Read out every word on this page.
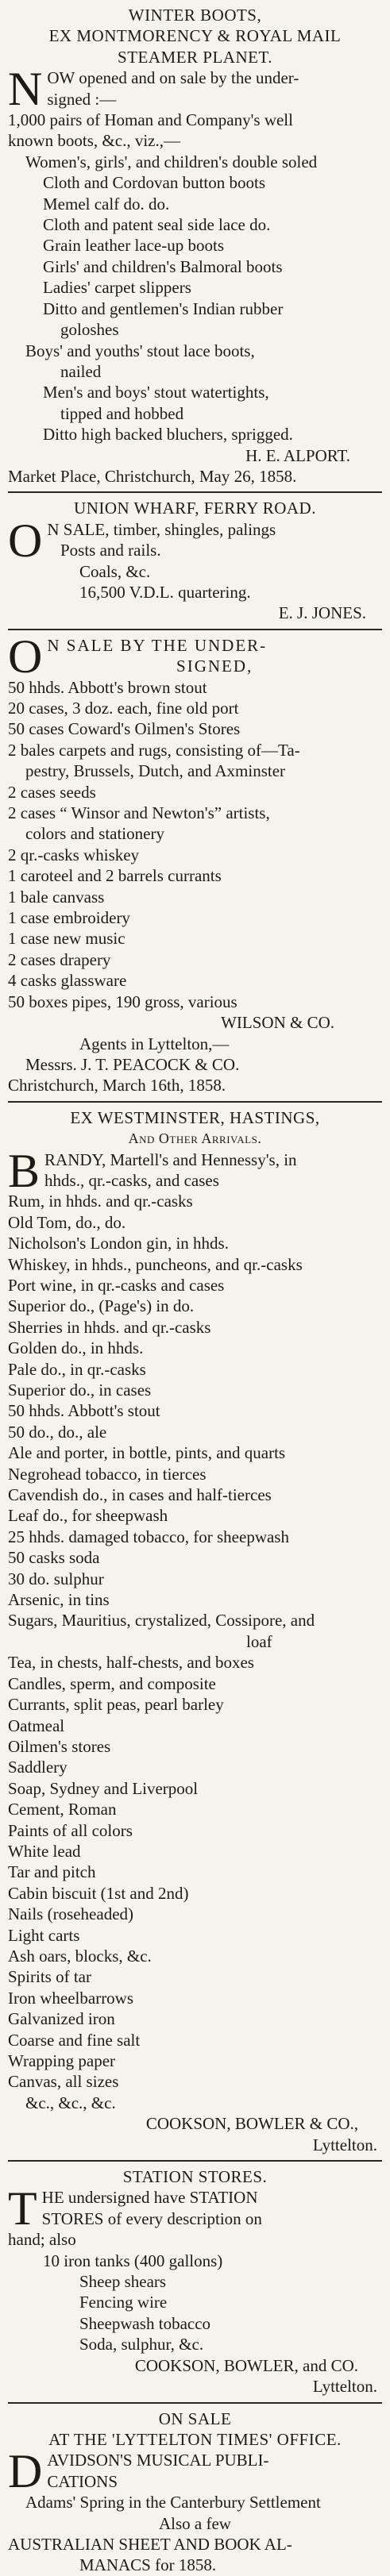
WINTER BOOTS,
EX MONTMORENCY & ROYAL MAIL
STEAMER PLANET.
N OW opened and on sale by the under-
signed :—
1,000 pairs of Homan and Company's well
known boots, &c., viz.,—
Women's, girls', and children's double soled
Cloth and Cordovan button boots
Memel calf do. do.
Cloth and patent seal side lace do.
Grain leather lace-up boots
Girls' and children's Balmoral boots
Ladies' carpet slippers
Ditto and gentlemen's Indian rubber
goloshes
Boys' and youths' stout lace boots,
nailed
Men's and boys' stout watertights,
tipped and hobbed
Ditto high backed bluchers, sprigged.
H. E. ALPORT.
Market Place, Christchurch, May 26, 1858.
UNION WHARF, FERRY ROAD.
O N SALE, timber, shingles, palings
Posts and rails.
Coals, &c.
16,500 V.D.L. quartering.
E. J. JONES.
O N SALE BY THE UNDER-
SIGNED,
50 hhds. Abbott's brown stout
20 cases, 3 doz. each, fine old port
50 cases Coward's Oilmen's Stores
2 bales carpets and rugs, consisting of—Ta-
pestry, Brussels, Dutch, and Axminster
2 cases seeds
2 cases “ Winsor and Newton's” artists,
colors and stationery
2 qr.-casks whiskey
1 caroteel and 2 barrels currants
1 bale canvass
1 case embroidery
1 case new music
2 cases drapery
4 casks glassware
50 boxes pipes, 190 gross, various
WILSON & CO.
Agents in Lyttelton,—
Messrs. J. T. PEACOCK & CO.
Christchurch, March 16th, 1858.
EX WESTMINSTER, HASTINGS,
And Other Arrivals.
B RANDY, Martell's and Hennessy's, in
hhds., qr.-casks, and cases
Rum, in hhds. and qr.-casks
Old Tom, do., do.
Nicholson's London gin, in hhds.
Whiskey, in hhds., puncheons, and qr.-casks
Port wine, in qr.-casks and cases
Superior do., (Page's) in do.
Sherries in hhds. and qr.-casks
Golden do., in hhds.
Pale do., in qr.-casks
Superior do., in cases
50 hhds. Abbott's stout
50 do., do., ale
Ale and porter, in bottle, pints, and quarts
Negrohead tobacco, in tierces
Cavendish do., in cases and half-tierces
Leaf do., for sheepwash
25 hhds. damaged tobacco, for sheepwash
50 casks soda
30 do. sulphur
Arsenic, in tins
Sugars, Mauritius, crystalized, Cossipore, and
loaf
Tea, in chests, half-chests, and boxes
Candles, sperm, and composite
Currants, split peas, pearl barley
Oatmeal
Oilmen's stores
Saddlery
Soap, Sydney and Liverpool
Cement, Roman
Paints of all colors
White lead
Tar and pitch
Cabin biscuit (1st and 2nd)
Nails (roseheaded)
Light carts
Ash oars, blocks, &c.
Spirits of tar
Iron wheelbarrows
Galvanized iron
Coarse and fine salt
Wrapping paper
Canvas, all sizes
&c., &c., &c.
COOKSON, BOWLER & CO.,
Lyttelton.
STATION STORES.
T HE undersigned have STATION
STORES of every description on
hand; also
10 iron tanks (400 gallons)
Sheep shears
Fencing wire
Sheepwash tobacco
Soda, sulphur, &c.
COOKSON, BOWLER, and CO.
Lyttelton.
ON SALE
AT THE 'LYTTELTON TIMES' OFFICE.
D AVIDSON'S MUSICAL PUBLI-
CATIONS
Adams' Spring in the Canterbury Settlement
Also a few
AUSTRALIAN SHEET AND BOOK AL-
MANACS for 1858.
